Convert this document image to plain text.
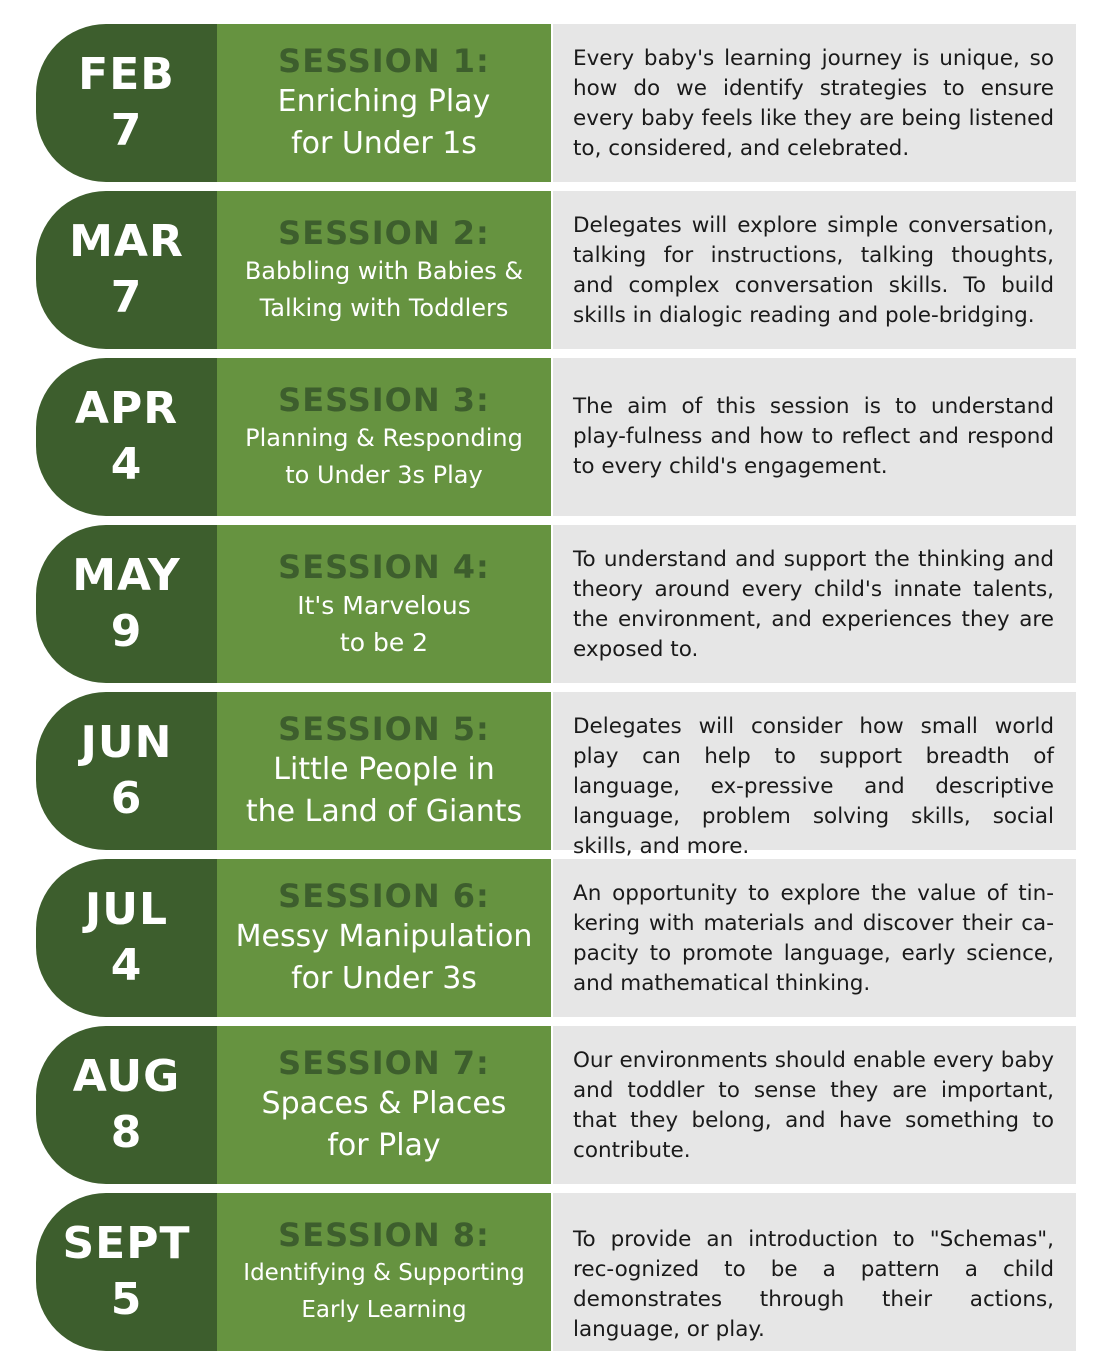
FEB
7
SESSION 1:
Enriching Play
for Under 1s

Every baby's learning journey is unique, so how do we identify strategies to ensure every baby feels like they are being listened to, considered, and celebrated.

MAR
7
SESSION 2:
Babbling with Babies &
Talking with Toddlers

Delegates will explore simple conversation, talking for instructions, talking thoughts, and complex conversation skills. To build skills in dialogic reading and pole-bridging.

APR
4
SESSION 3:
Planning & Responding
to Under 3s Play

The aim of this session is to understand play-fulness and how to reflect and respond to every child's engagement.

MAY
9
SESSION 4:
It's Marvelous
to be 2

To understand and support the thinking and theory around every child's innate talents, the environment, and experiences they are exposed to.

JUN
6
SESSION 5:
Little People in
the Land of Giants

Delegates will consider how small world play can help to support breadth of language, ex-pressive and descriptive language, problem solving skills, social skills, and more.

JUL
4
SESSION 6:
Messy Manipulation
for Under 3s

An opportunity to explore the value of tin-kering with materials and discover their ca-pacity to promote language, early science, and mathematical thinking.

AUG
8
SESSION 7:
Spaces & Places
for Play

Our environments should enable every baby and toddler to sense they are important, that they belong, and have something to contribute.

SEPT
5
SESSION 8:
Identifying & Supporting
Early Learning

To provide an introduction to "Schemas", rec-ognized to be a pattern a child demonstrates through their actions, language, or play.
